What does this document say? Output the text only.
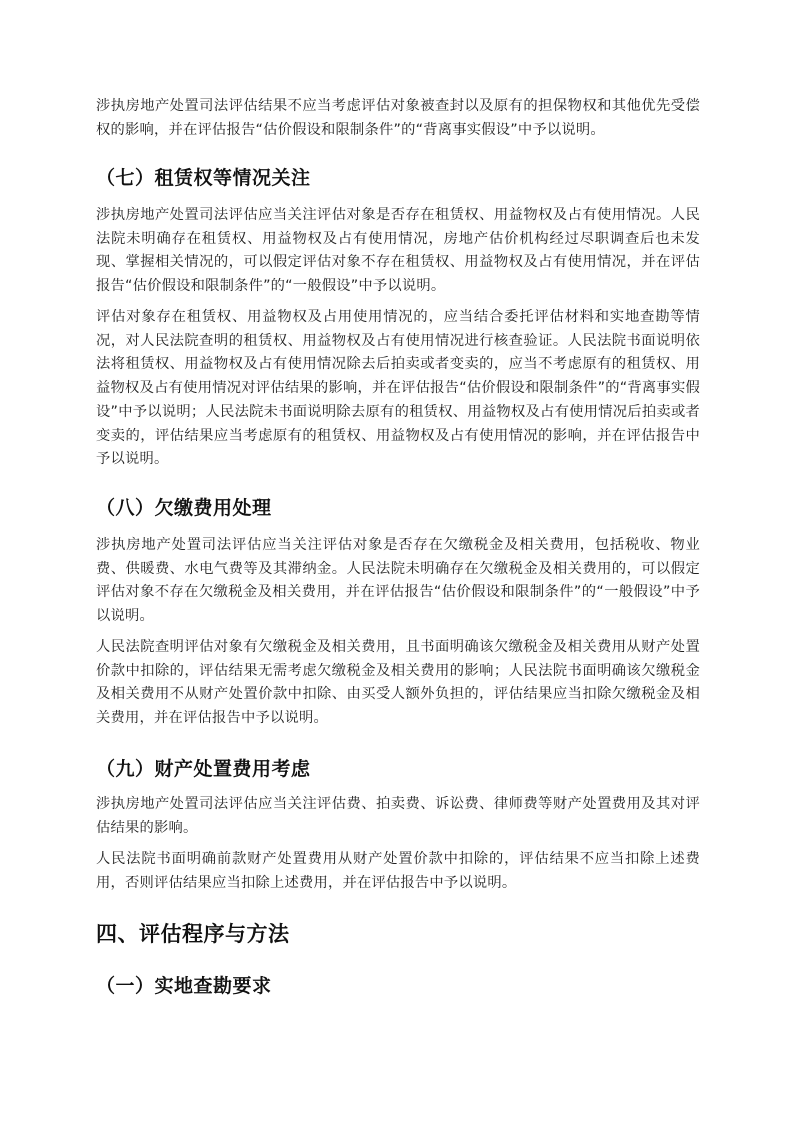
涉执房地产处置司法评估结果不应当考虑评估对象被查封以及原有的担保物权和其他优先受偿权的影响，并在评估报告“估价假设和限制条件”的“背离事实假设”中予以说明。

（七）租赁权等情况关注

涉执房地产处置司法评估应当关注评估对象是否存在租赁权、用益物权及占有使用情况。人民法院未明确存在租赁权、用益物权及占有使用情况，房地产估价机构经过尽职调查后也未发现、掌握相关情况的，可以假定评估对象不存在租赁权、用益物权及占有使用情况，并在评估报告“估价假设和限制条件”的“一般假设”中予以说明。

评估对象存在租赁权、用益物权及占用使用情况的，应当结合委托评估材料和实地查勘等情况，对人民法院查明的租赁权、用益物权及占有使用情况进行核查验证。人民法院书面说明依法将租赁权、用益物权及占有使用情况除去后拍卖或者变卖的，应当不考虑原有的租赁权、用益物权及占有使用情况对评估结果的影响，并在评估报告“估价假设和限制条件”的“背离事实假设”中予以说明；人民法院未书面说明除去原有的租赁权、用益物权及占有使用情况后拍卖或者变卖的，评估结果应当考虑原有的租赁权、用益物权及占有使用情况的影响，并在评估报告中予以说明。

（八）欠缴费用处理

涉执房地产处置司法评估应当关注评估对象是否存在欠缴税金及相关费用，包括税收、物业费、供暖费、水电气费等及其滞纳金。人民法院未明确存在欠缴税金及相关费用的，可以假定评估对象不存在欠缴税金及相关费用，并在评估报告“估价假设和限制条件”的“一般假设”中予以说明。

人民法院查明评估对象有欠缴税金及相关费用，且书面明确该欠缴税金及相关费用从财产处置价款中扣除的，评估结果无需考虑欠缴税金及相关费用的影响；人民法院书面明确该欠缴税金及相关费用不从财产处置价款中扣除、由买受人额外负担的，评估结果应当扣除欠缴税金及相关费用，并在评估报告中予以说明。

（九）财产处置费用考虑

涉执房地产处置司法评估应当关注评估费、拍卖费、诉讼费、律师费等财产处置费用及其对评估结果的影响。

人民法院书面明确前款财产处置费用从财产处置价款中扣除的，评估结果不应当扣除上述费用，否则评估结果应当扣除上述费用，并在评估报告中予以说明。

四、评估程序与方法
（一）实地查勘要求
